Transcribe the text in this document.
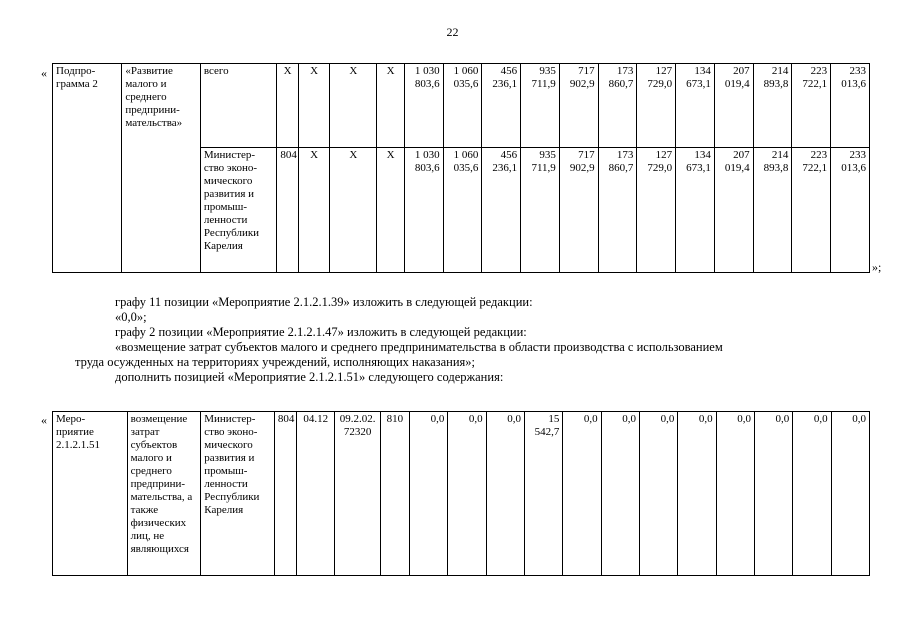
22
« Подпро- грамма 2	«Развитие малого и среднего предприни- мательства»	всего	Х	Х	Х	Х	1 030 803,6	1 060 035,6	456 236,1	935 711,9	717 902,9	173 860,7	127 729,0	134 673,1	207 019,4	214 893,8	223 722,1	233 013,6
		Министер- ство эконо- мического развития и промыш- ленности Республики Карелия	804	Х	Х	Х	1 030 803,6	1 060 035,6	456 236,1	935 711,9	717 902,9	173 860,7	127 729,0	134 673,1	207 019,4	214 893,8	223 722,1	233 013,6
»;

графу 11 позиции «Мероприятие 2.1.2.1.39» изложить в следующей редакции:

«0,0»;

графу 2 позиции «Мероприятие 2.1.2.1.47» изложить в следующей редакции:

«возмещение затрат субъектов малого и среднего предпринимательства в области производства с использованием

труда осужденных на территориях учреждений, исполняющих наказания»;

дополнить позицией «Мероприятие 2.1.2.1.51» следующего содержания:

« Меро- приятие 2.1.2.1.51	возмещение затрат субъектов малого и среднего предприни- мательства, а также физических лиц, не являющихся	Министер- ство эконо- мического развития и промыш- ленности Республики Карелия	804	04.12	09.2.02. 72320	810	0,0	0,0	0,0	15 542,7	0,0	0,0	0,0	0,0	0,0	0,0	0,0	0,0
